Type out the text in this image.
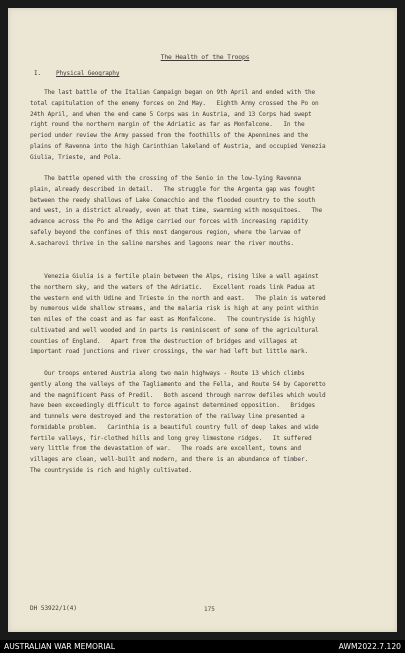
The Health of the Troops
I. Physical Geography
The last battle of the Italian Campaign began on 9th April and ended with the
total capitulation of the enemy forces on 2nd May.   Eighth Army crossed the Po on
24th April, and when the end came 5 Corps was in Austria, and 13 Corps had swept
right round the northern margin of the Adriatic as far as Monfalcone.   In the
period under review the Army passed from the foothills of the Apennines and the
plains of Ravenna into the high Carinthian lakeland of Austria, and occupied Venezia
Giulia, Trieste, and Pola.
The battle opened with the crossing of the Senio in the low-lying Ravenna
plain, already described in detail.   The struggle for the Argenta gap was fought
between the reedy shallows of Lake Comacchio and the flooded country to the south
and west, in a district already, even at that time, swarming with mosquitoes.   The
advance across the Po and the Adige carried our forces with increasing rapidity
safely beyond the confines of this most dangerous region, where the larvae of
A.sacharovi thrive in the saline marshes and lagoons near the river mouths.
Venezia Giulia is a fertile plain between the Alps, rising like a wall against
the northern sky, and the waters of the Adriatic.   Excellent roads link Padua at
the western end with Udine and Trieste in the north and east.   The plain is watered
by numerous wide shallow streams, and the malaria risk is high at any point within
ten miles of the coast and as far east as Monfalcone.   The countryside is highly
cultivated and well wooded and in parts is reminiscent of some of the agricultural
counties of England.   Apart from the destruction of bridges and villages at
important road junctions and river crossings, the war had left but little mark.
Our troops entered Austria along two main highways - Route 13 which climbs
gently along the valleys of the Tagliamento and the Fella, and Route 54 by Caporetto
and the magnificent Pass of Predil.   Both ascend through narrow defiles which would
have been exceedingly difficult to force against determined opposition.   Bridges
and tunnels were destroyed and the restoration of the railway line presented a
formidable problem.   Carinthia is a beautiful country full of deep lakes and wide
fertile valleys, fir-clothed hills and long grey limestone ridges.   It suffered
very little from the devastation of war.   The roads are excellent, towns and
villages are clean, well-built and modern, and there is an abundance of timber.
The countryside is rich and highly cultivated.
DH 53922/1(4)	175
AUSTRALIAN WAR MEMORIAL	AWM2022.7.120
